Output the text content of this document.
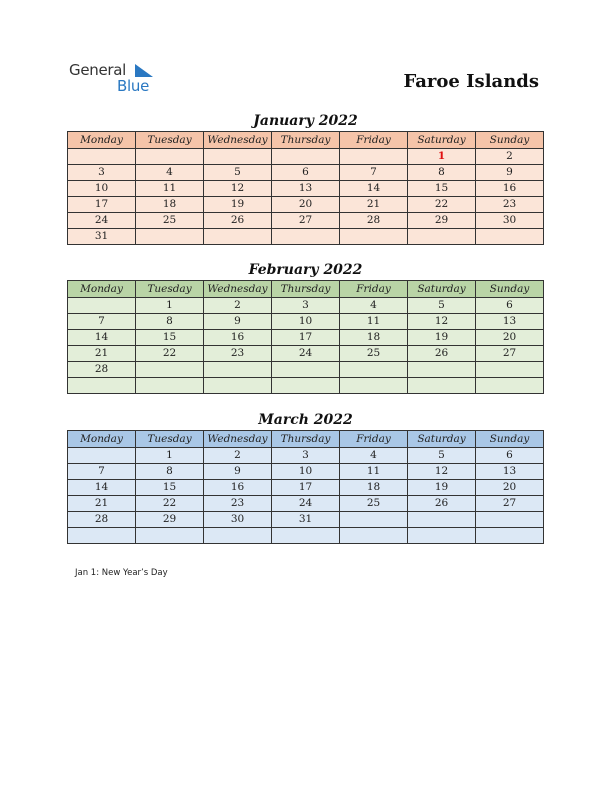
General
Blue	Faroe Islands
January 2022
Monday	Tuesday	Wednesday	Thursday	Friday	Saturday	Sunday
					1	2
3	4	5	6	7	8	9
10	11	12	13	14	15	16
17	18	19	20	21	22	23
24	25	26	27	28	29	30
31						
February 2022
Monday	Tuesday	Wednesday	Thursday	Friday	Saturday	Sunday
	1	2	3	4	5	6
7	8	9	10	11	12	13
14	15	16	17	18	19	20
21	22	23	24	25	26	27
28						

March 2022
Monday	Tuesday	Wednesday	Thursday	Friday	Saturday	Sunday
	1	2	3	4	5	6
7	8	9	10	11	12	13
14	15	16	17	18	19	20
21	22	23	24	25	26	27
28	29	30	31			

Jan 1: New Year’s Day
